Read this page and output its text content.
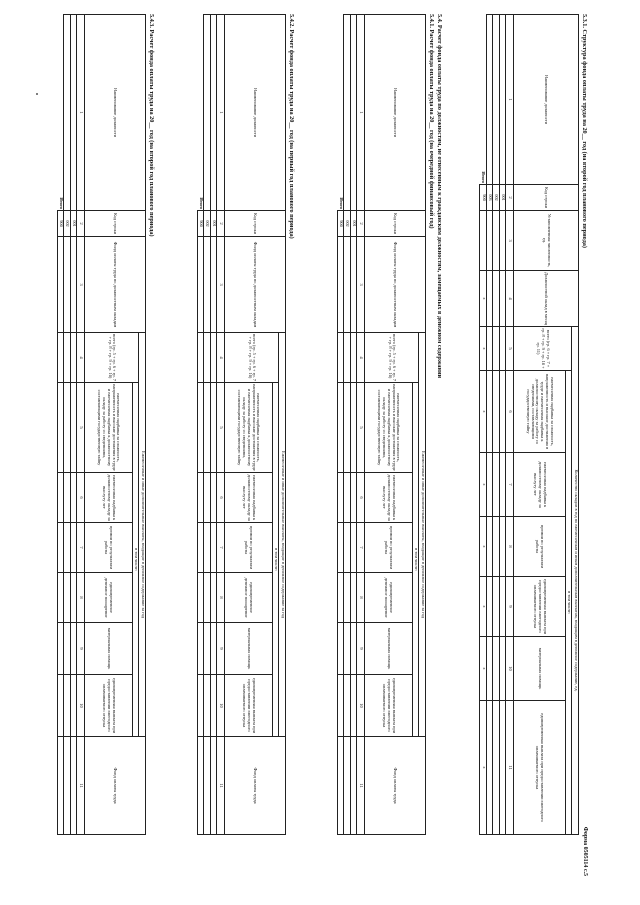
Форма 0505114 с.5
5.3.1. Структура фонда оплаты труда на 20__ год (на второй год планового периода)
Наименование должности	Код строки	Установленная численность, ед.	Должностной оклад в месяц	Количество окладов в год по ежемесячным и иным дополнительным выплатам, входящим в денежное содержание, ед.						
				всего (гр. 6 + гр. 7 + гр. 8 + гр. 9 + гр. 10 + гр. 11)	в том числе:					
					ежемесячная надбавка за сложность, напряженность и высокие достижения в труде и ежемесячная надбавка к должностному окладу за работу со сведениями, составляющими государственную тайну	ежемесячная надбавка к должностному окладу за выслугу лет	премии по результатам работы	единовременная выплата при предоставлении ежегодного оплачиваемого отпуска	материальная помощь	единовременная выплата при предоставлении ежегодного оплачиваемого отпуска
1	2	3	4	5	6	7	8	9	10	11
	001									
	002									
	003									
Итого	900		x	x	x	x	x	x	x	x
5.4. Расчет фонда оплаты труда по должностям, не отнесенным к гражданским должностям, замещаемых в денежном содержании
5.4.1. Расчет фонда оплаты труда на 20__ год (на очередной финансовый год)
Наименование должности	Код строки	Фонд оплаты труда по должностным окладам	Ежемесячные и иные дополнительные выплаты, входящие в денежное содержание за год							Фонд оплаты труда
			всего (гр. 5 + гр. 6 + гр. 7 + гр. 8 + гр. 9 + гр. 10)	в том числе:						
				ежемесячная надбавка за сложность, напряженность и высокие достижения в труде и ежемесячная надбавка к должностному окладу за работу со сведениями, составляющими государственную тайну	ежемесячная надбавка к должностному окладу за выслугу лет	премии по результатам работы	единовременное денежное поощрение	материальная помощь	единовременная выплата при предоставлении ежегодного оплачиваемого отпуска	
1	2	3	4	5	6	7	8	9	10	11
	001									
	002									
Итого	900									
5.4.2. Расчет фонда оплаты труда на 20__ год (на первый год планового периода)
Наименование должности	Код строки	Фонд оплаты труда по должностным окладам	Ежемесячные и иные дополнительные выплаты, входящие в денежное содержание за год							Фонд оплаты труда
			всего (гр. 5 + гр. 6 + гр. 7 + гр. 8 + гр. 9 + гр. 10)	в том числе:						
				ежемесячная надбавка за сложность, напряженность и высокие достижения в труде и ежемесячная надбавка к должностному окладу за работу со сведениями, составляющими государственную тайну	ежемесячная надбавка к должностному окладу за выслугу лет	премии по результатам работы	единовременное денежное поощрение	материальная помощь	единовременная выплата при предоставлении ежегодного оплачиваемого отпуска	
1	2	3	4	5	6	7	8	9	10	11
	001									
	002									
Итого	900									
5.4.3. Расчет фонда оплаты труда на 20__ год (на второй год планового периода)
Наименование должности	Код строки	Фонд оплаты труда по должностным окладам	Ежемесячные и иные дополнительные выплаты, входящие в денежное содержание за год							Фонд оплаты труда
			всего (гр. 5 + гр. 6 + гр. 7 + гр. 8 + гр. 9 + гр. 10)	в том числе:						
				ежемесячная надбавка за сложность, напряженность и высокие достижения в труде и ежемесячная надбавка к должностному окладу за работу со сведениями, составляющими государственную тайну	ежемесячная надбавка к должностному окладу за выслугу лет	премии по результатам работы	единовременное денежное поощрение	материальная помощь	единовременная выплата при предоставлении ежегодного оплачиваемого отпуска	
1	2	3	4	5	6	7	8	9	10	11
	001									
	002									
Итого	900									
